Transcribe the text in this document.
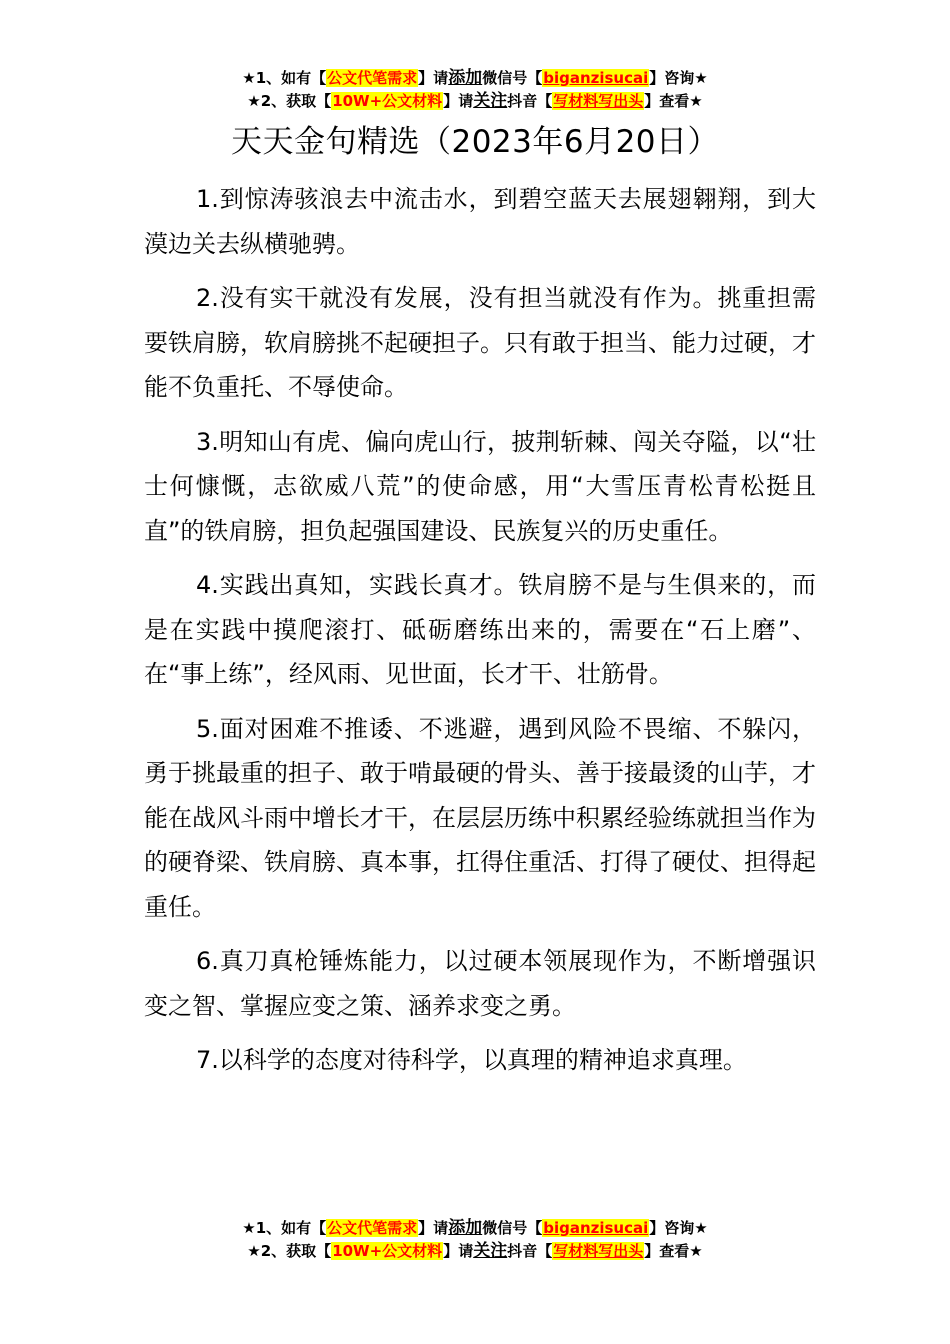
★1、如有【公文代笔需求】请添加微信号【biganzisucai】咨询★
★2、获取【10W+公文材料】请关注抖音【写材料写出头】查看★
天天金句精选（2023年6月20日）

1.到惊涛骇浪去中流击水，到碧空蓝天去展翅翱翔，到大漠边关去纵横驰骋。

2.没有实干就没有发展，没有担当就没有作为。挑重担需要铁肩膀，软肩膀挑不起硬担子。只有敢于担当、能力过硬，才能不负重托、不辱使命。

3.明知山有虎、偏向虎山行，披荆斩棘、闯关夺隘，以“壮士何慷慨，志欲威八荒”的使命感，用“大雪压青松青松挺且直”的铁肩膀，担负起强国建设、民族复兴的历史重任。

4.实践出真知，实践长真才。铁肩膀不是与生俱来的，而是在实践中摸爬滚打、砥砺磨练出来的，需要在“石上磨”、在“事上练”，经风雨、见世面，长才干、壮筋骨。

5.面对困难不推诿、不逃避，遇到风险不畏缩、不躲闪，勇于挑最重的担子、敢于啃最硬的骨头、善于接最烫的山芋，才能在战风斗雨中增长才干，在层层历练中积累经验练就担当作为的硬脊梁、铁肩膀、真本事，扛得住重活、打得了硬仗、担得起重任。

6.真刀真枪锤炼能力，以过硬本领展现作为，不断增强识变之智、掌握应变之策、涵养求变之勇。

7.以科学的态度对待科学，以真理的精神追求真理。

★1、如有【公文代笔需求】请添加微信号【biganzisucai】咨询★
★2、获取【10W+公文材料】请关注抖音【写材料写出头】查看★
